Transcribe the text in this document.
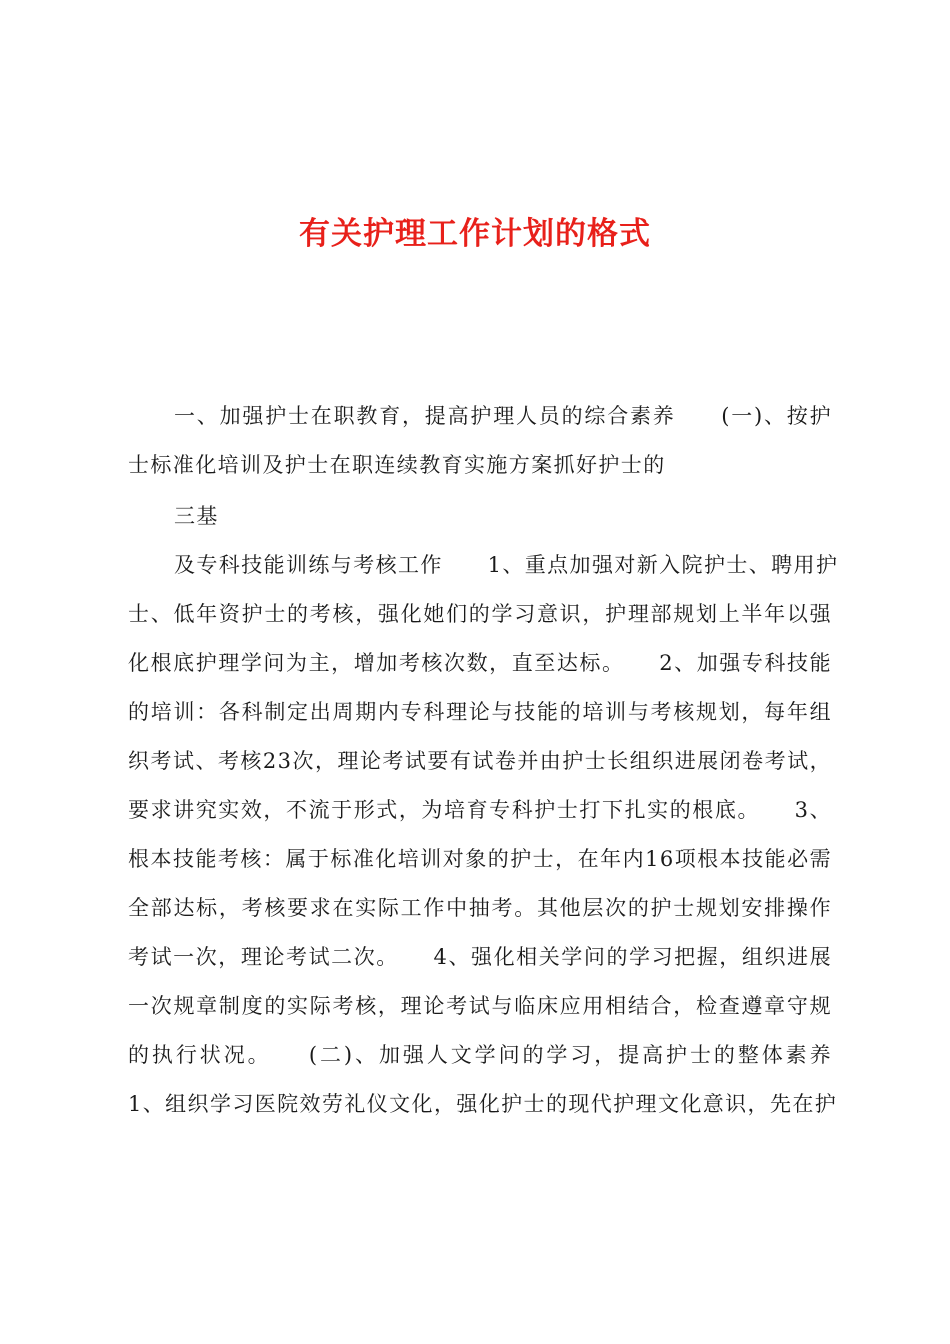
有关护理工作计划的格式
一、加强护士在职教育，提高护理人员的综合素养　　(一)、按护
士标准化培训及护士在职连续教育实施方案抓好护士的
三基
及专科技能训练与考核工作　　1、重点加强对新入院护士、聘用护
士、低年资护士的考核，强化她们的学习意识，护理部规划上半年以强
化根底护理学问为主，增加考核次数，直至达标。　　2、加强专科技能
的培训：各科制定出周期内专科理论与技能的培训与考核规划，每年组
织考试、考核23次，理论考试要有试卷并由护士长组织进展闭卷考试，
要求讲究实效，不流于形式，为培育专科护士打下扎实的根底。　　3、
根本技能考核：属于标准化培训对象的护士，在年内16项根本技能必需
全部达标，考核要求在实际工作中抽考。其他层次的护士规划安排操作
考试一次，理论考试二次。　　4、强化相关学问的学习把握，组织进展
一次规章制度的实际考核，理论考试与临床应用相结合，检查遵章守规
的执行状况。　　(二)、加强人文学问的学习，提高护士的整体素养
1、组织学习医院效劳礼仪文化，强化护士的现代护理文化意识，先在护
